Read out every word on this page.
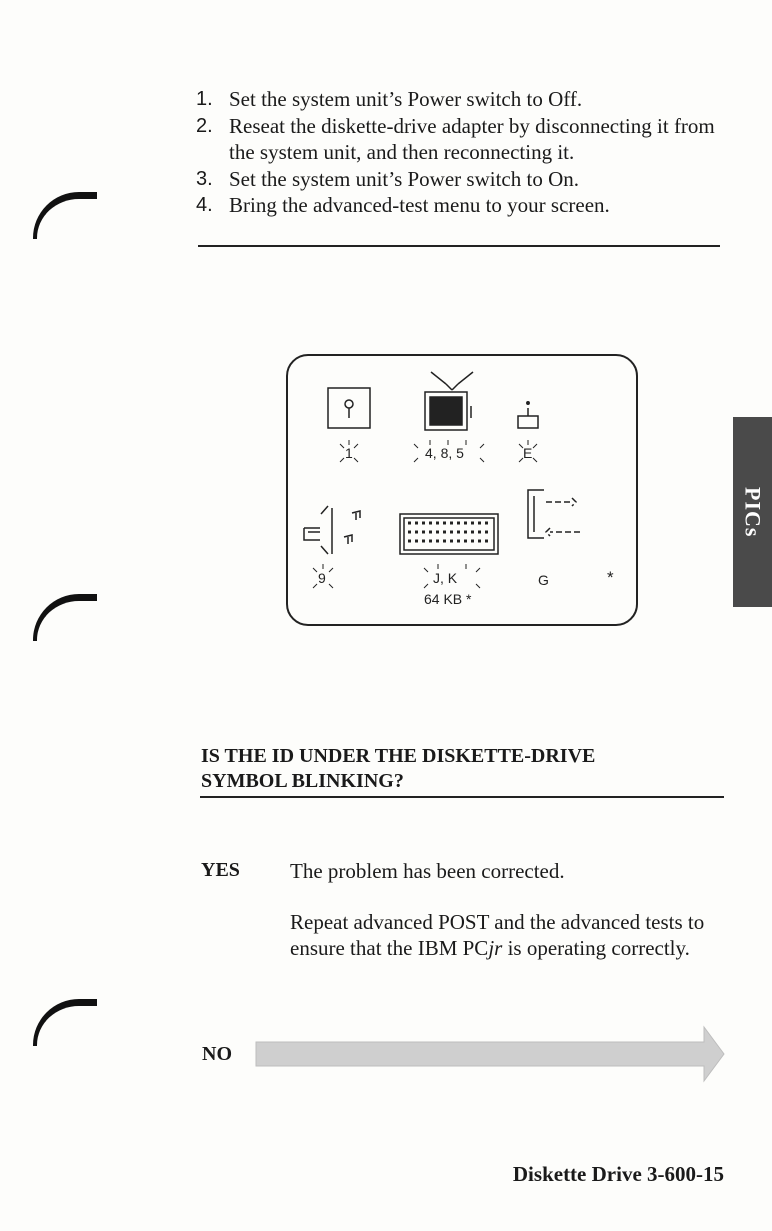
1. Set the system unit’s Power switch to Off.
2. Reseat the diskette-drive adapter by disconnecting it from the system unit, and then reconnecting it.
3. Set the system unit’s Power switch to On.
4. Bring the advanced-test menu to your screen.
PICs
1	4, 8, 5	E
9	J, K
64 KB *
G	*
IS THE ID UNDER THE DISKETTE-DRIVE SYMBOL BLINKING?
YES The problem has been corrected.
Repeat advanced POST and the advanced tests to ensure that the IBM PCjr is operating correctly.
NO
Diskette Drive 3-600-15
